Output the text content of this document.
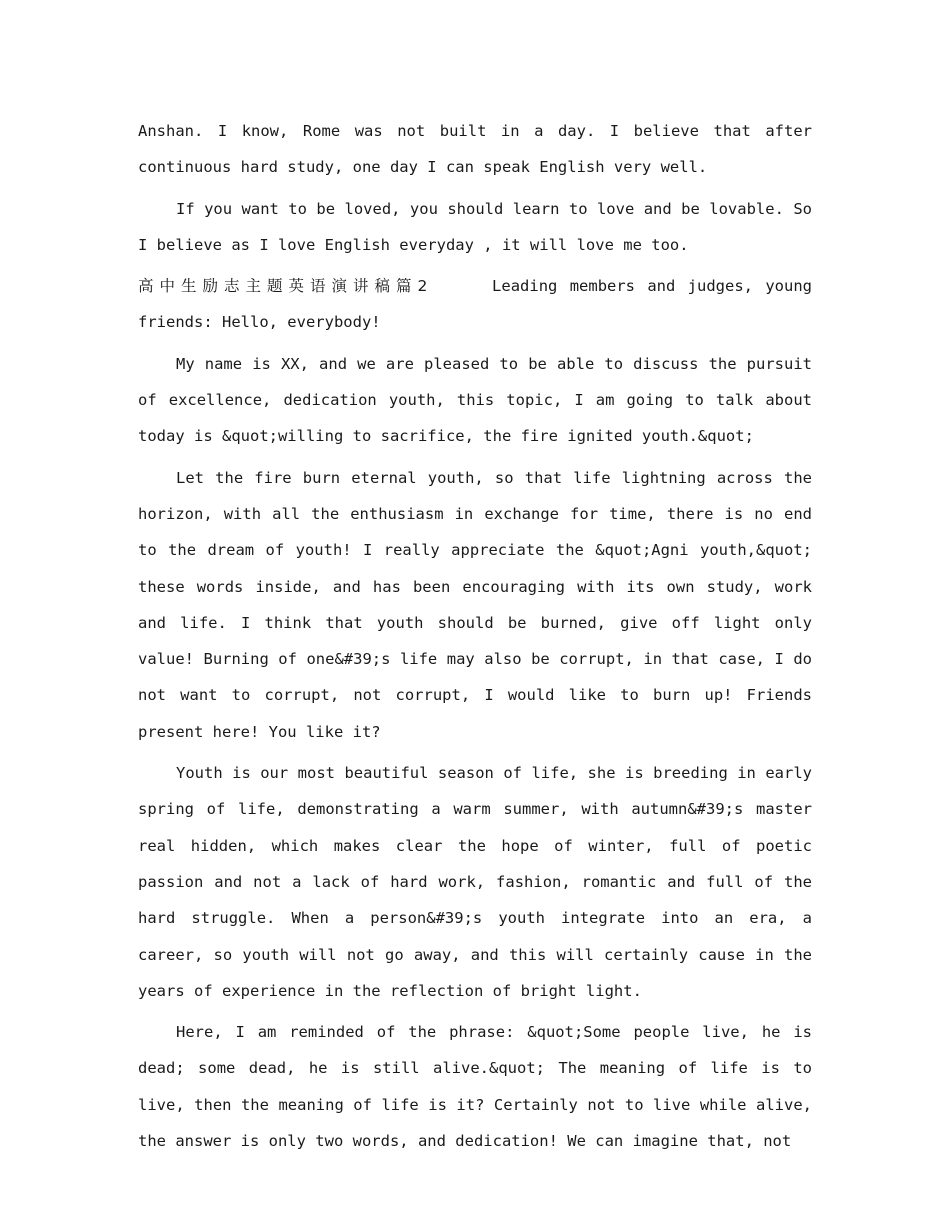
Anshan. I know, Rome was not built in a day. I believe that after continuous hard study, one day I can speak English very well.

If you want to be loved, you should learn to love and be lovable. So I believe as I love English everyday , it will love me too.

高中生励志主题英语演讲稿篇2     Leading members and judges, young friends: Hello, everybody!

My name is XX, and we are pleased to be able to discuss the pursuit of excellence, dedication youth, this topic, I am going to talk about today is &quot;willing to sacrifice, the fire ignited youth.&quot;

Let the fire burn eternal youth, so that life lightning across the horizon, with all the enthusiasm in exchange for time, there is no end to the dream of youth! I really appreciate the &quot;Agni youth,&quot; these words inside, and has been encouraging with its own study, work and life. I think that youth should be burned, give off light only value! Burning of one&#39;s life may also be corrupt, in that case, I do not want to corrupt, not corrupt, I would like to burn up! Friends present here! You like it?

Youth is our most beautiful season of life, she is breeding in early spring of life, demonstrating a warm summer, with autumn&#39;s master real hidden, which makes clear the hope of winter, full of poetic passion and not a lack of hard work, fashion, romantic and full of the hard struggle. When a person&#39;s youth integrate into an era, a career, so youth will not go away, and this will certainly cause in the years of experience in the reflection of bright light.

Here, I am reminded of the phrase: &quot;Some people live, he is dead; some dead, he is still alive.&quot; The meaning of life is to live, then the meaning of life is it? Certainly not to live while alive, the answer is only two words, and dedication! We can imagine that, not
